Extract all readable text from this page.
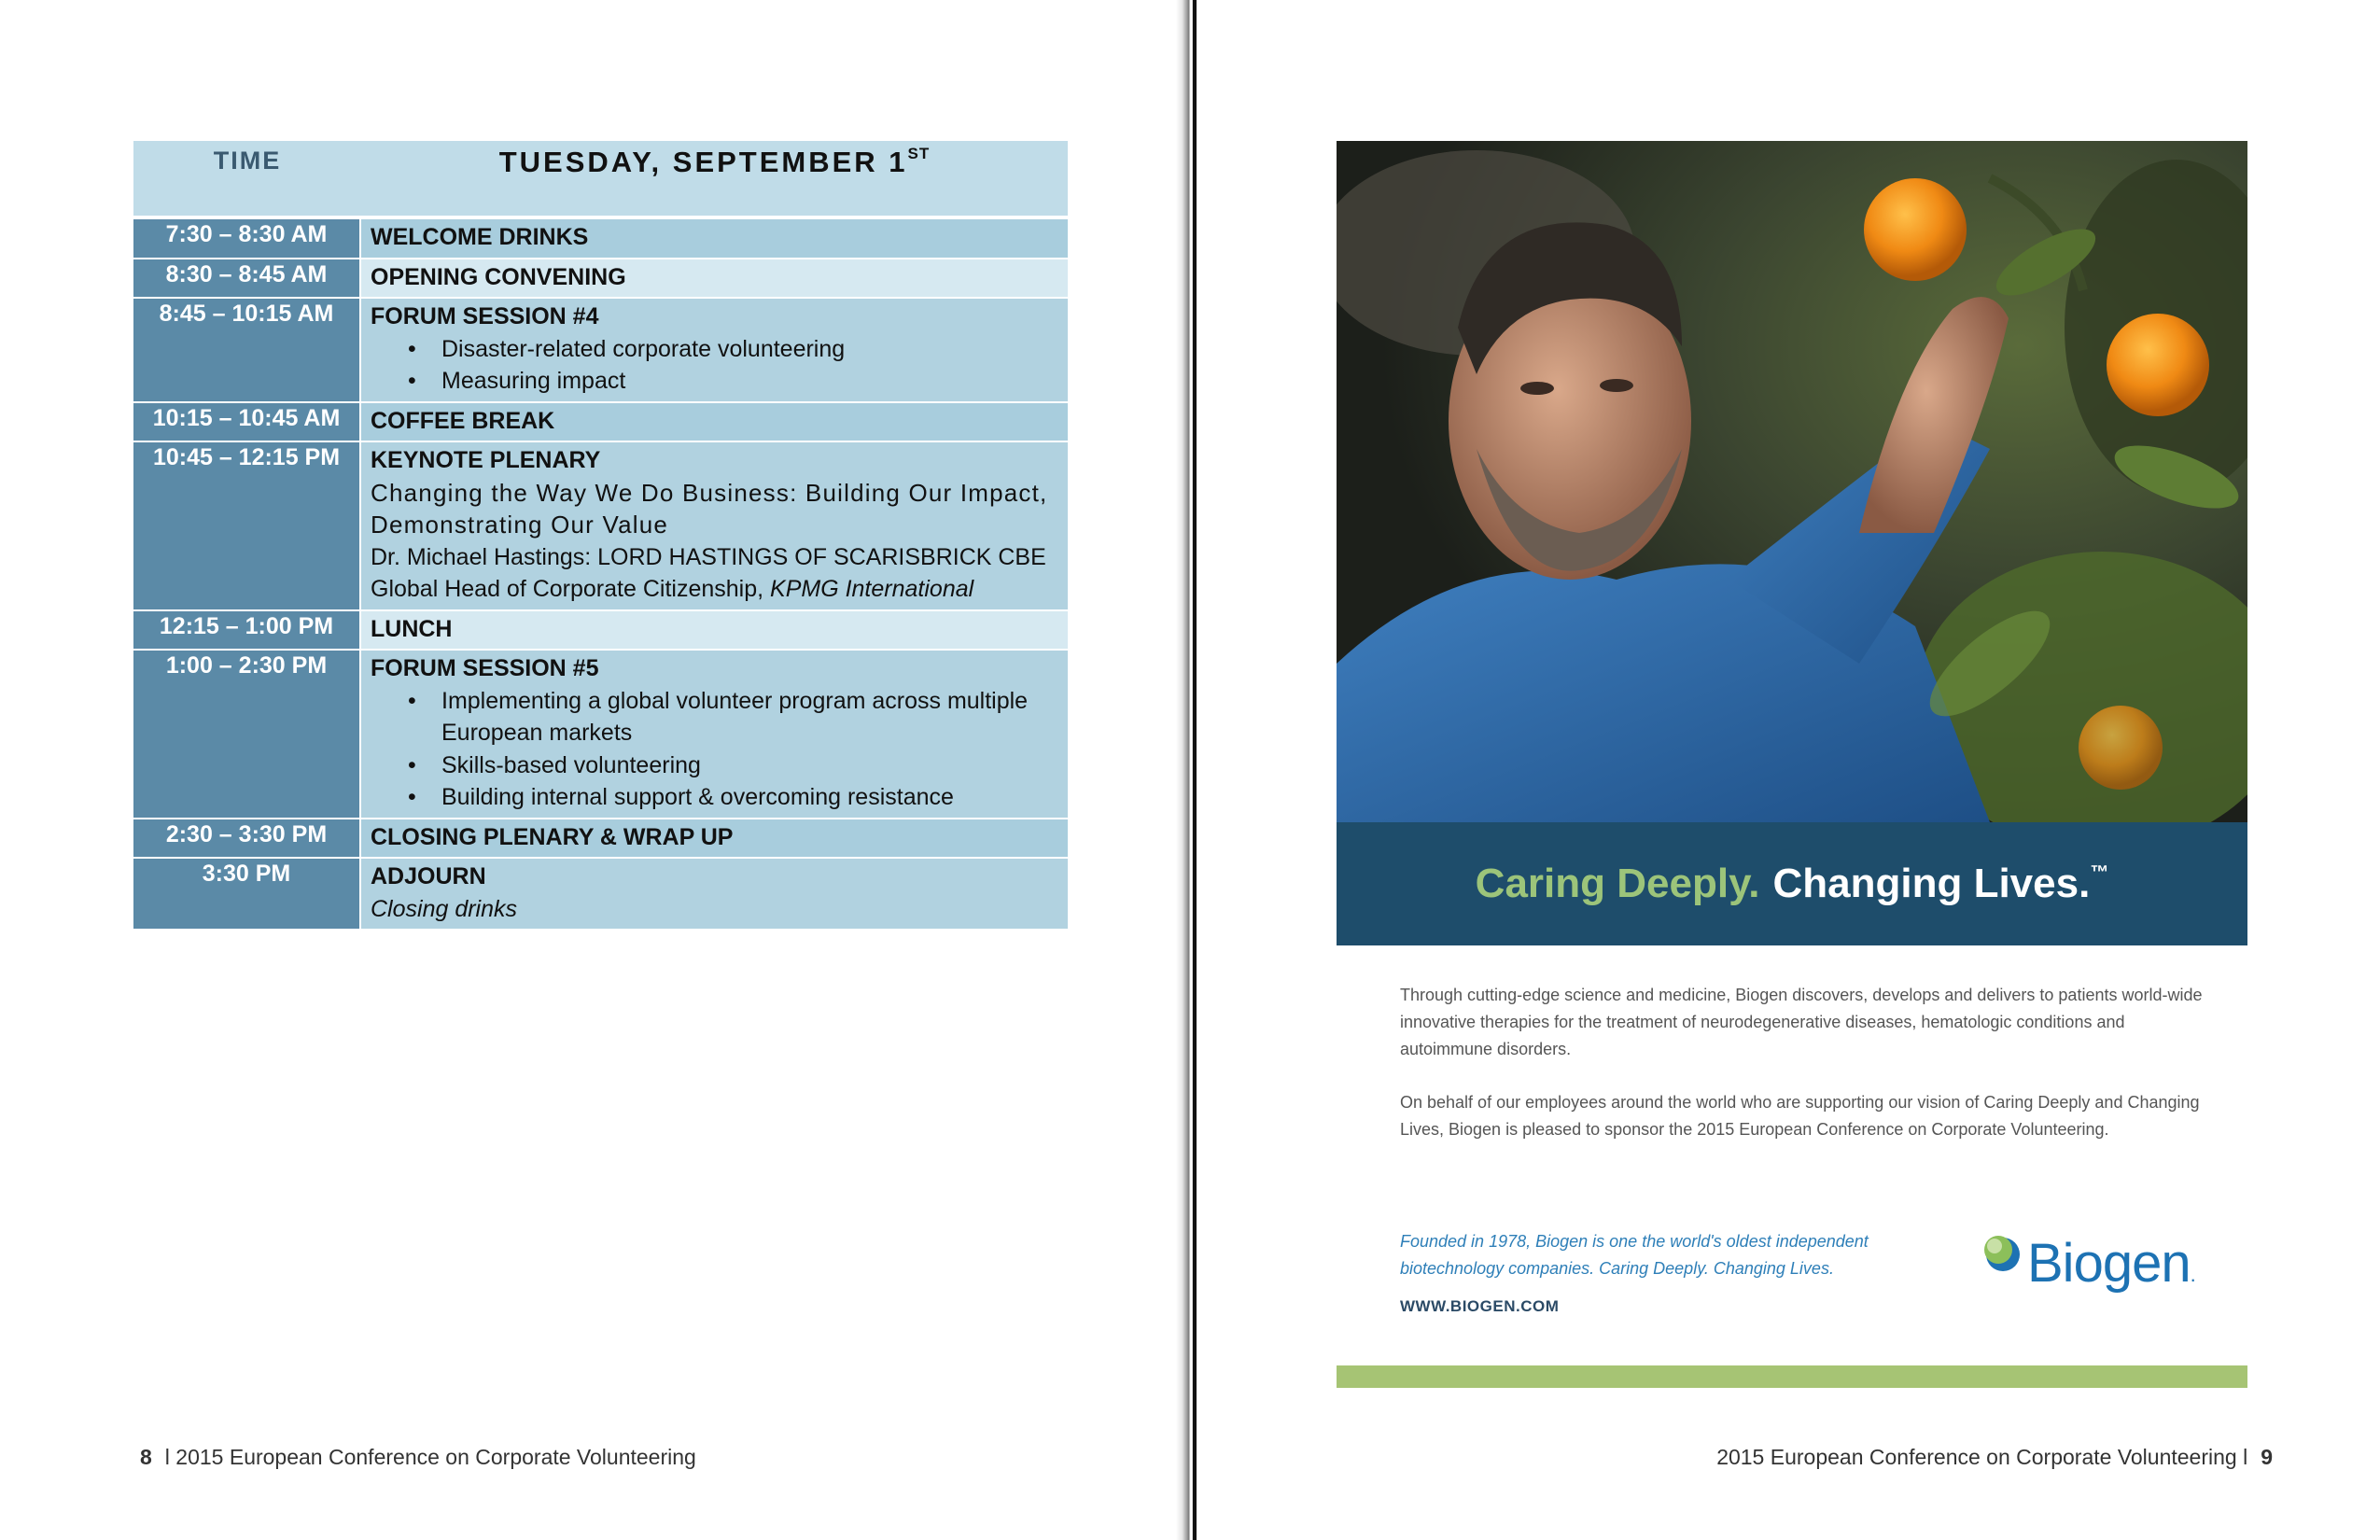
TIME	TUESDAY, SEPTEMBER 1ST
7:30 – 8:30 AM	WELCOME DRINKS
8:30 – 8:45 AM	OPENING CONVENING
8:45 – 10:15 AM	FORUM SESSION #4
• Disaster-related corporate volunteering
• Measuring impact
10:15 – 10:45 AM	COFFEE BREAK
10:45 – 12:15 PM	KEYNOTE PLENARY
Changing the Way We Do Business: Building Our Impact, Demonstrating Our Value
Dr. Michael Hastings: LORD HASTINGS OF SCARISBRICK CBE
Global Head of Corporate Citizenship, KPMG International
12:15 – 1:00 PM	LUNCH
1:00 – 2:30 PM	FORUM SESSION #5
• Implementing a global volunteer program across multiple European markets
• Skills-based volunteering
• Building internal support & overcoming resistance
2:30 – 3:30 PM	CLOSING PLENARY & WRAP UP
3:30 PM	ADJOURN
Closing drinks
8 l 2015 European Conference on Corporate Volunteering	2015 European Conference on Corporate Volunteering l 9
Caring Deeply. Changing Lives.™

Through cutting-edge science and medicine, Biogen discovers, develops and delivers to patients world-wide innovative therapies for the treatment of neurodegenerative diseases, hematologic conditions and autoimmune disorders.

On behalf of our employees around the world who are supporting our vision of Caring Deeply and Changing Lives, Biogen is pleased to sponsor the 2015 European Conference on Corporate Volunteering.

Founded in 1978, Biogen is one the world's oldest independent biotechnology companies. Caring Deeply. Changing Lives.
WWW.BIOGEN.COM
Biogen.
